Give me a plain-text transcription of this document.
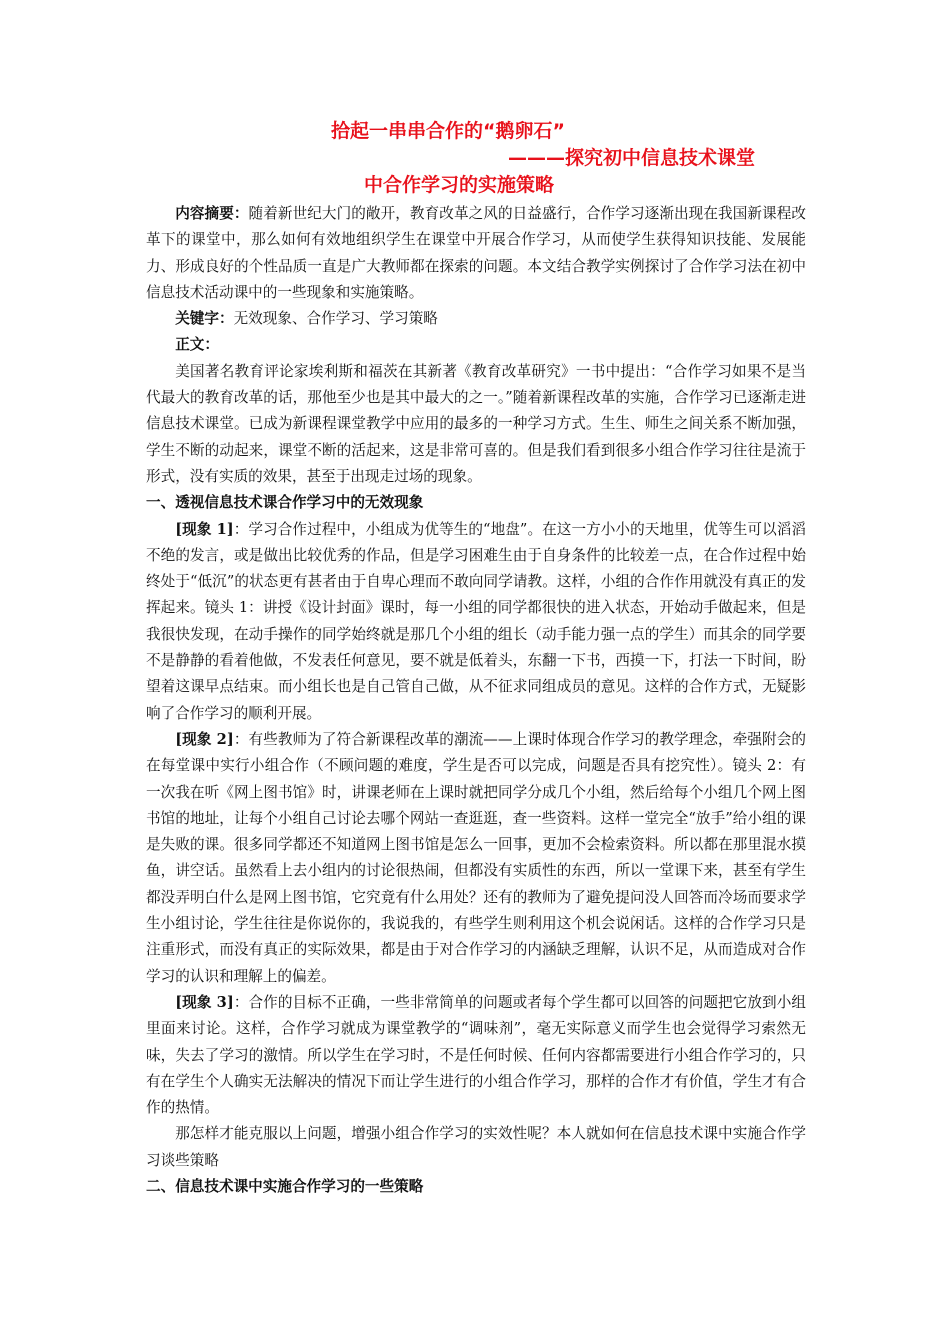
拾起一串串合作的“鹅卵石”
———探究初中信息技术课堂
中合作学习的实施策略

内容摘要：随着新世纪大门的敞开，教育改革之风的日益盛行，合作学习逐渐出现在我国新课程改革下的课堂中，那么如何有效地组织学生在课堂中开展合作学习，从而使学生获得知识技能、发展能力、形成良好的个性品质一直是广大教师都在探索的问题。本文结合教学实例探讨了合作学习法在初中信息技术活动课中的一些现象和实施策略。

关键字：无效现象、合作学习、学习策略

正文：

美国著名教育评论家埃利斯和福茨在其新著《教育改革研究》一书中提出：“合作学习如果不是当代最大的教育改革的话，那他至少也是其中最大的之一。”随着新课程改革的实施，合作学习已逐渐走进信息技术课堂。已成为新课程课堂教学中应用的最多的一种学习方式。生生、师生之间关系不断加强，学生不断的动起来，课堂不断的活起来，这是非常可喜的。但是我们看到很多小组合作学习往往是流于形式，没有实质的效果，甚至于出现走过场的现象。

一、透视信息技术课合作学习中的无效现象

[现象 1]：学习合作过程中，小组成为优等生的“地盘”。在这一方小小的天地里，优等生可以滔滔不绝的发言，或是做出比较优秀的作品，但是学习困难生由于自身条件的比较差一点，在合作过程中始终处于“低沉”的状态更有甚者由于自卑心理而不敢向同学请教。这样，小组的合作作用就没有真正的发挥起来。镜头 1：讲授《设计封面》课时，每一小组的同学都很快的进入状态，开始动手做起来，但是我很快发现，在动手操作的同学始终就是那几个小组的组长（动手能力强一点的学生）而其余的同学要不是静静的看着他做，不发表任何意见，要不就是低着头，东翻一下书，西摸一下，打法一下时间，盼望着这课早点结束。而小组长也是自己管自己做，从不征求同组成员的意见。这样的合作方式，无疑影响了合作学习的顺利开展。

[现象 2]：有些教师为了符合新课程改革的潮流——上课时体现合作学习的教学理念，牵强附会的在每堂课中实行小组合作（不顾问题的难度，学生是否可以完成，问题是否具有挖究性）。镜头 2：有一次我在听《网上图书馆》时，讲课老师在上课时就把同学分成几个小组，然后给每个小组几个网上图书馆的地址，让每个小组自己讨论去哪个网站一查逛逛，查一些资料。这样一堂完全“放手”给小组的课是失败的课。很多同学都还不知道网上图书馆是怎么一回事，更加不会检索资料。所以都在那里混水摸鱼，讲空话。虽然看上去小组内的讨论很热闹，但都没有实质性的东西，所以一堂课下来，甚至有学生都没弄明白什么是网上图书馆，它究竟有什么用处？还有的教师为了避免提问没人回答而冷场而要求学生小组讨论，学生往往是你说你的，我说我的，有些学生则利用这个机会说闲话。这样的合作学习只是注重形式，而没有真正的实际效果，都是由于对合作学习的内涵缺乏理解，认识不足，从而造成对合作学习的认识和理解上的偏差。

[现象 3]：合作的目标不正确，一些非常简单的问题或者每个学生都可以回答的问题把它放到小组里面来讨论。这样，合作学习就成为课堂教学的“调味剂”，毫无实际意义而学生也会觉得学习索然无味，失去了学习的激情。所以学生在学习时，不是任何时候、任何内容都需要进行小组合作学习的，只有在学生个人确实无法解决的情况下而让学生进行的小组合作学习，那样的合作才有价值，学生才有合作的热情。

那怎样才能克服以上问题，增强小组合作学习的实效性呢？本人就如何在信息技术课中实施合作学习谈些策略

二、信息技术课中实施合作学习的一些策略
